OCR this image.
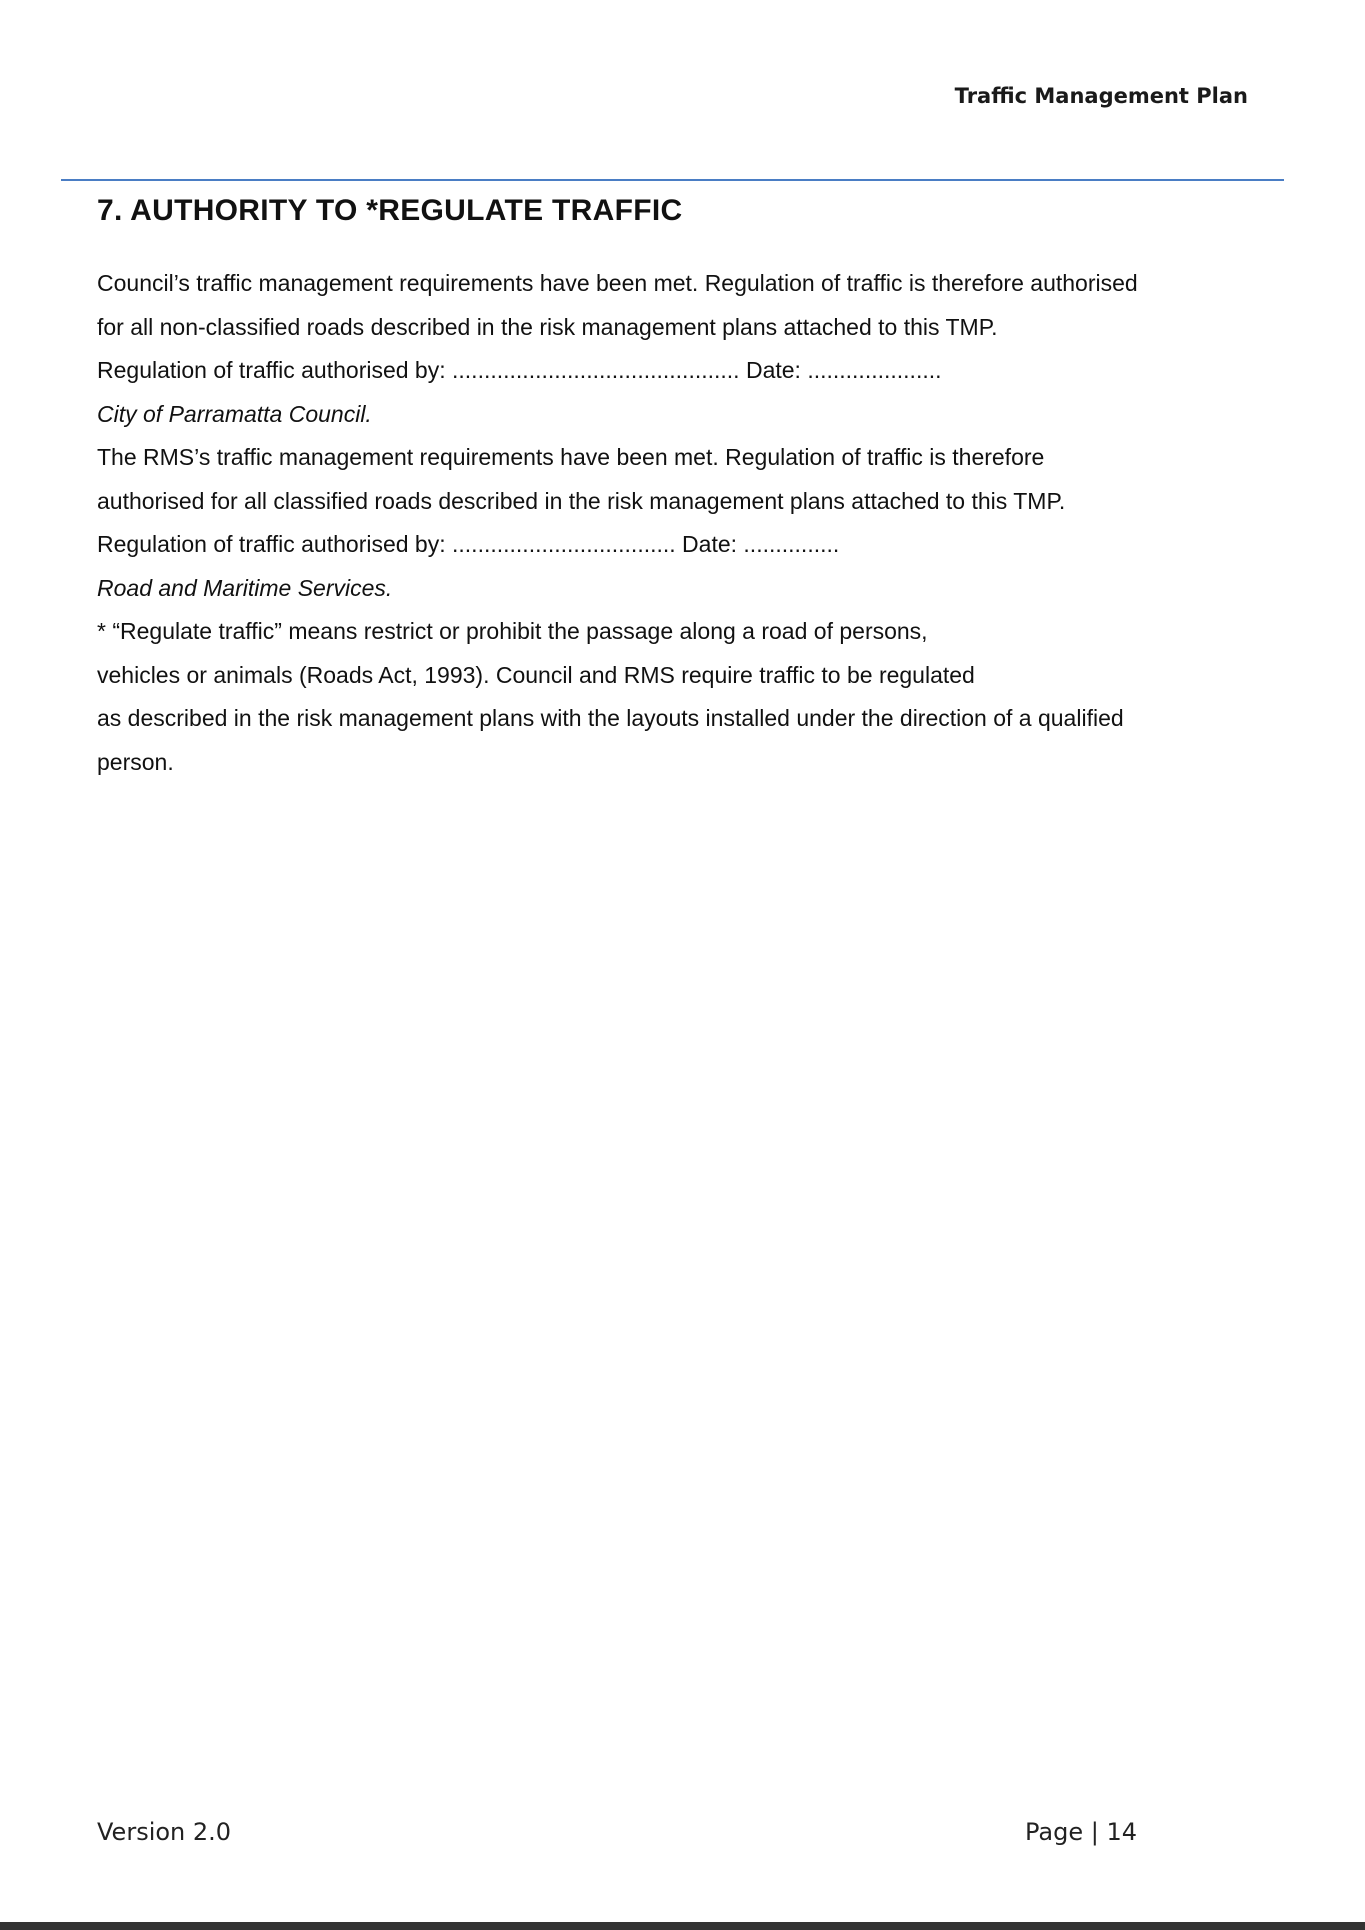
Traffic Management Plan
7. AUTHORITY TO *REGULATE TRAFFIC
Council’s traffic management requirements have been met. Regulation of traffic is therefore authorised
for all non-classified roads described in the risk management plans attached to this TMP.
Regulation of traffic authorised by: ............................................. Date: .....................
City of Parramatta Council.
The RMS’s traffic management requirements have been met. Regulation of traffic is therefore
authorised for all classified roads described in the risk management plans attached to this TMP.
Regulation of traffic authorised by: ................................... Date: ...............
Road and Maritime Services.
* “Regulate traffic” means restrict or prohibit the passage along a road of persons,
vehicles or animals (Roads Act, 1993). Council and RMS require traffic to be regulated
as described in the risk management plans with the layouts installed under the direction of a qualified
person.
Version 2.0	Page | 14
